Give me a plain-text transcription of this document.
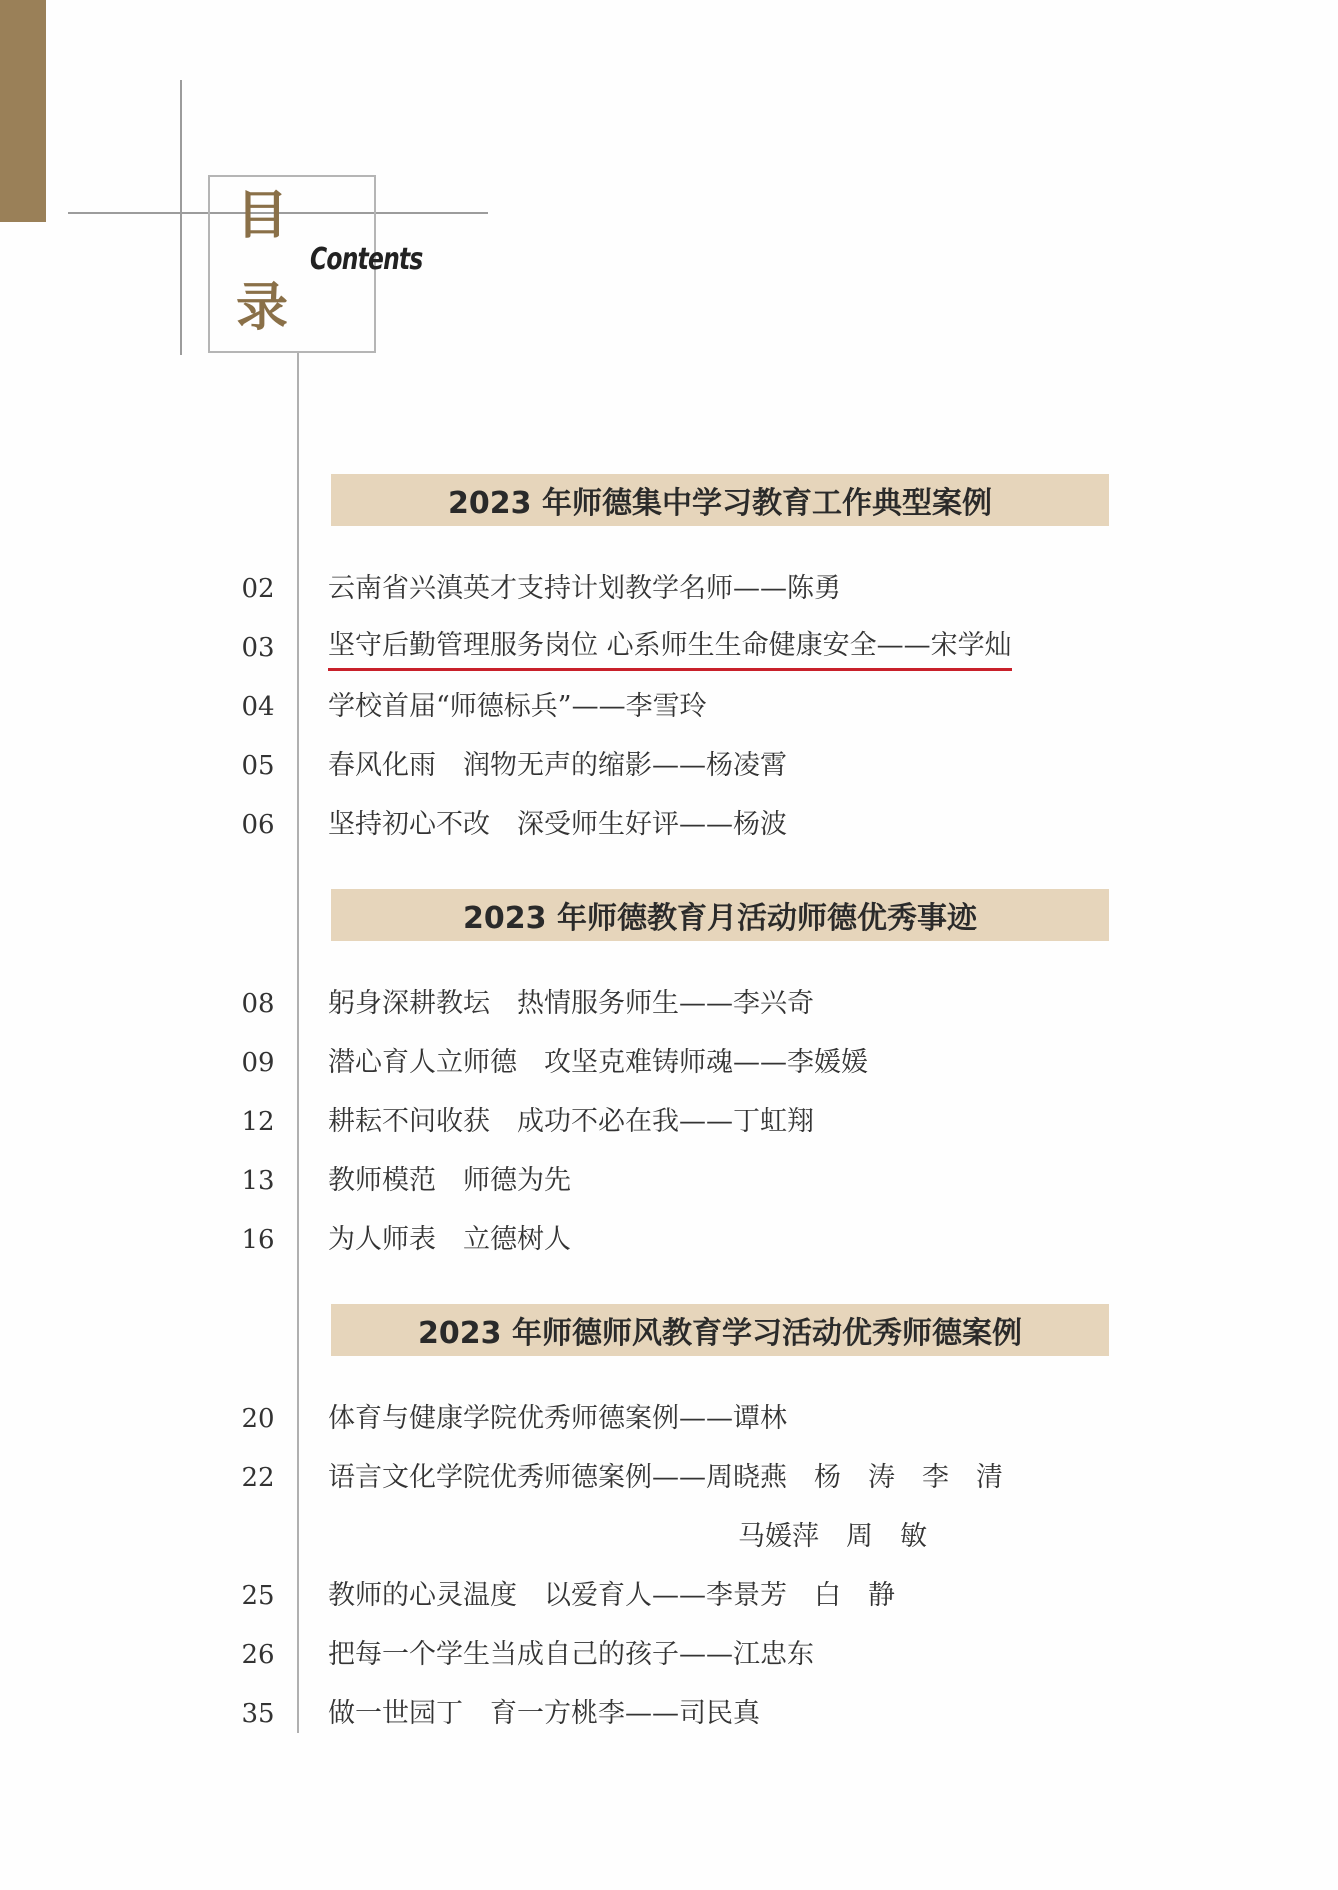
目
录
Contents
2023 年师德集中学习教育工作典型案例
02 云南省兴滇英才支持计划教学名师——陈勇
03 坚守后勤管理服务岗位 心系师生生命健康安全——宋学灿
04 学校首届“师德标兵”——李雪玲
05 春风化雨　润物无声的缩影——杨凌霄
06 坚持初心不改　深受师生好评——杨波
2023 年师德教育月活动师德优秀事迹
08 躬身深耕教坛　热情服务师生——李兴奇
09 潜心育人立师德　攻坚克难铸师魂——李媛媛
12 耕耘不问收获　成功不必在我——丁虹翔
13 教师模范　师德为先
16 为人师表　立德树人
2023 年师德师风教育学习活动优秀师德案例
20 体育与健康学院优秀师德案例——谭林
22 语言文化学院优秀师德案例——周晓燕　杨　涛　李　清
马媛萍　周　敏
25 教师的心灵温度　以爱育人——李景芳　白　静
26 把每一个学生当成自己的孩子——江忠东
35 做一世园丁　育一方桃李——司民真
